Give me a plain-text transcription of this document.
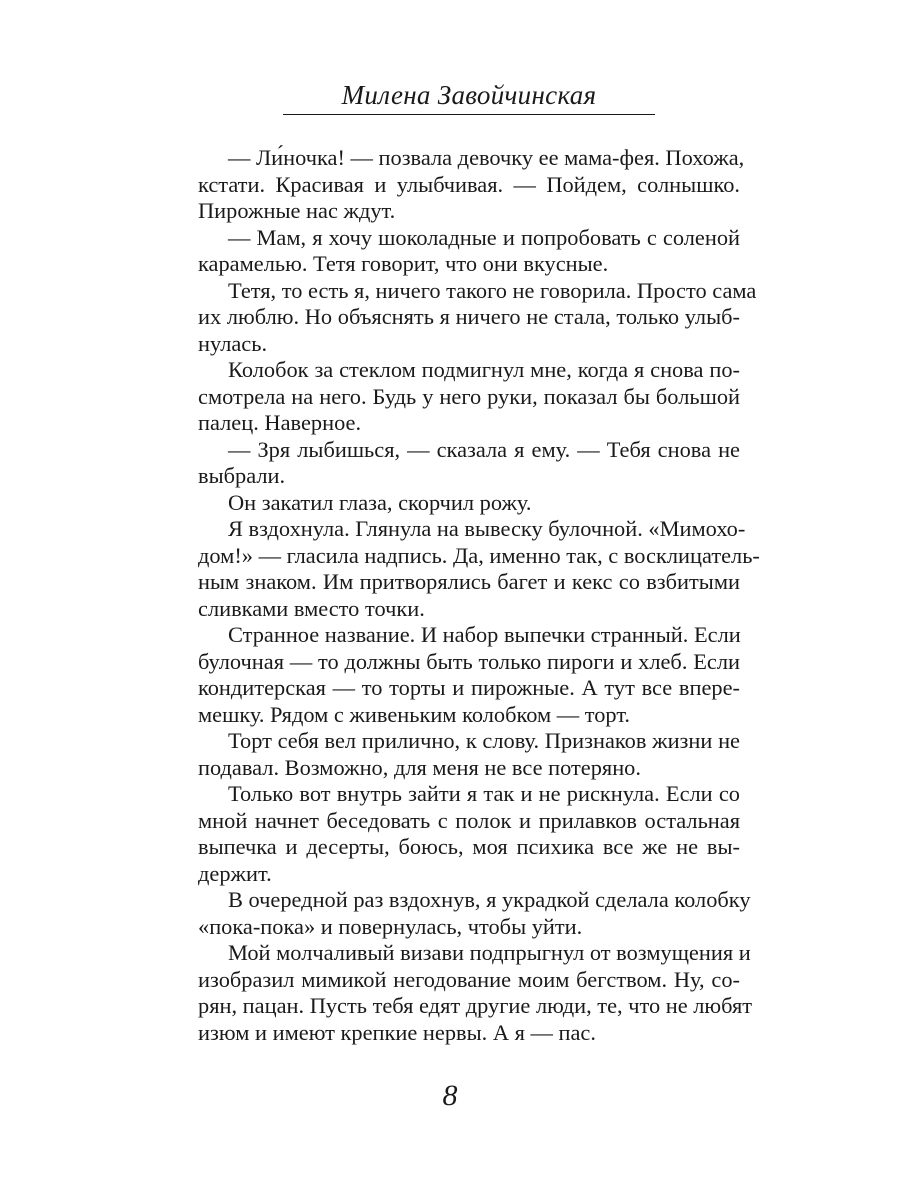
Милена Завойчинская
— Ли́ночка! — позвала девочку ее мама-фея. Похожа,
кстати. Красивая и улыбчивая. — Пойдем, солнышко.
Пирожные нас ждут.
— Мам, я хочу шоколадные и попробовать с соленой
карамелью. Тетя говорит, что они вкусные.
Тетя, то есть я, ничего такого не говорила. Просто сама
их люблю. Но объяснять я ничего не стала, только улыб-
нулась.
Колобок за стеклом подмигнул мне, когда я снова по-
смотрела на него. Будь у него руки, показал бы большой
палец. Наверное.
— Зря лыбишься, — сказала я ему. — Тебя снова не
выбрали.
Он закатил глаза, скорчил рожу.
Я вздохнула. Глянула на вывеску булочной. «Мимохо-
дом!» — гласила надпись. Да, именно так, с восклицатель-
ным знаком. Им притворялись багет и кекс со взбитыми
сливками вместо точки.
Странное название. И набор выпечки странный. Если
булочная — то должны быть только пироги и хлеб. Если
кондитерская — то торты и пирожные. А тут все впере-
мешку. Рядом с живеньким колобком — торт.
Торт себя вел прилично, к слову. Признаков жизни не
подавал. Возможно, для меня не все потеряно.
Только вот внутрь зайти я так и не рискнула. Если со
мной начнет беседовать с полок и прилавков остальная
выпечка и десерты, боюсь, моя психика все же не вы-
держит.
В очередной раз вздохнув, я украдкой сделала колобку
«пока-пока» и повернулась, чтобы уйти.
Мой молчаливый визави подпрыгнул от возмущения и
изобразил мимикой негодование моим бегством. Ну, со-
рян, пацан. Пусть тебя едят другие люди, те, что не любят
изюм и имеют крепкие нервы. А я — пас.
8
